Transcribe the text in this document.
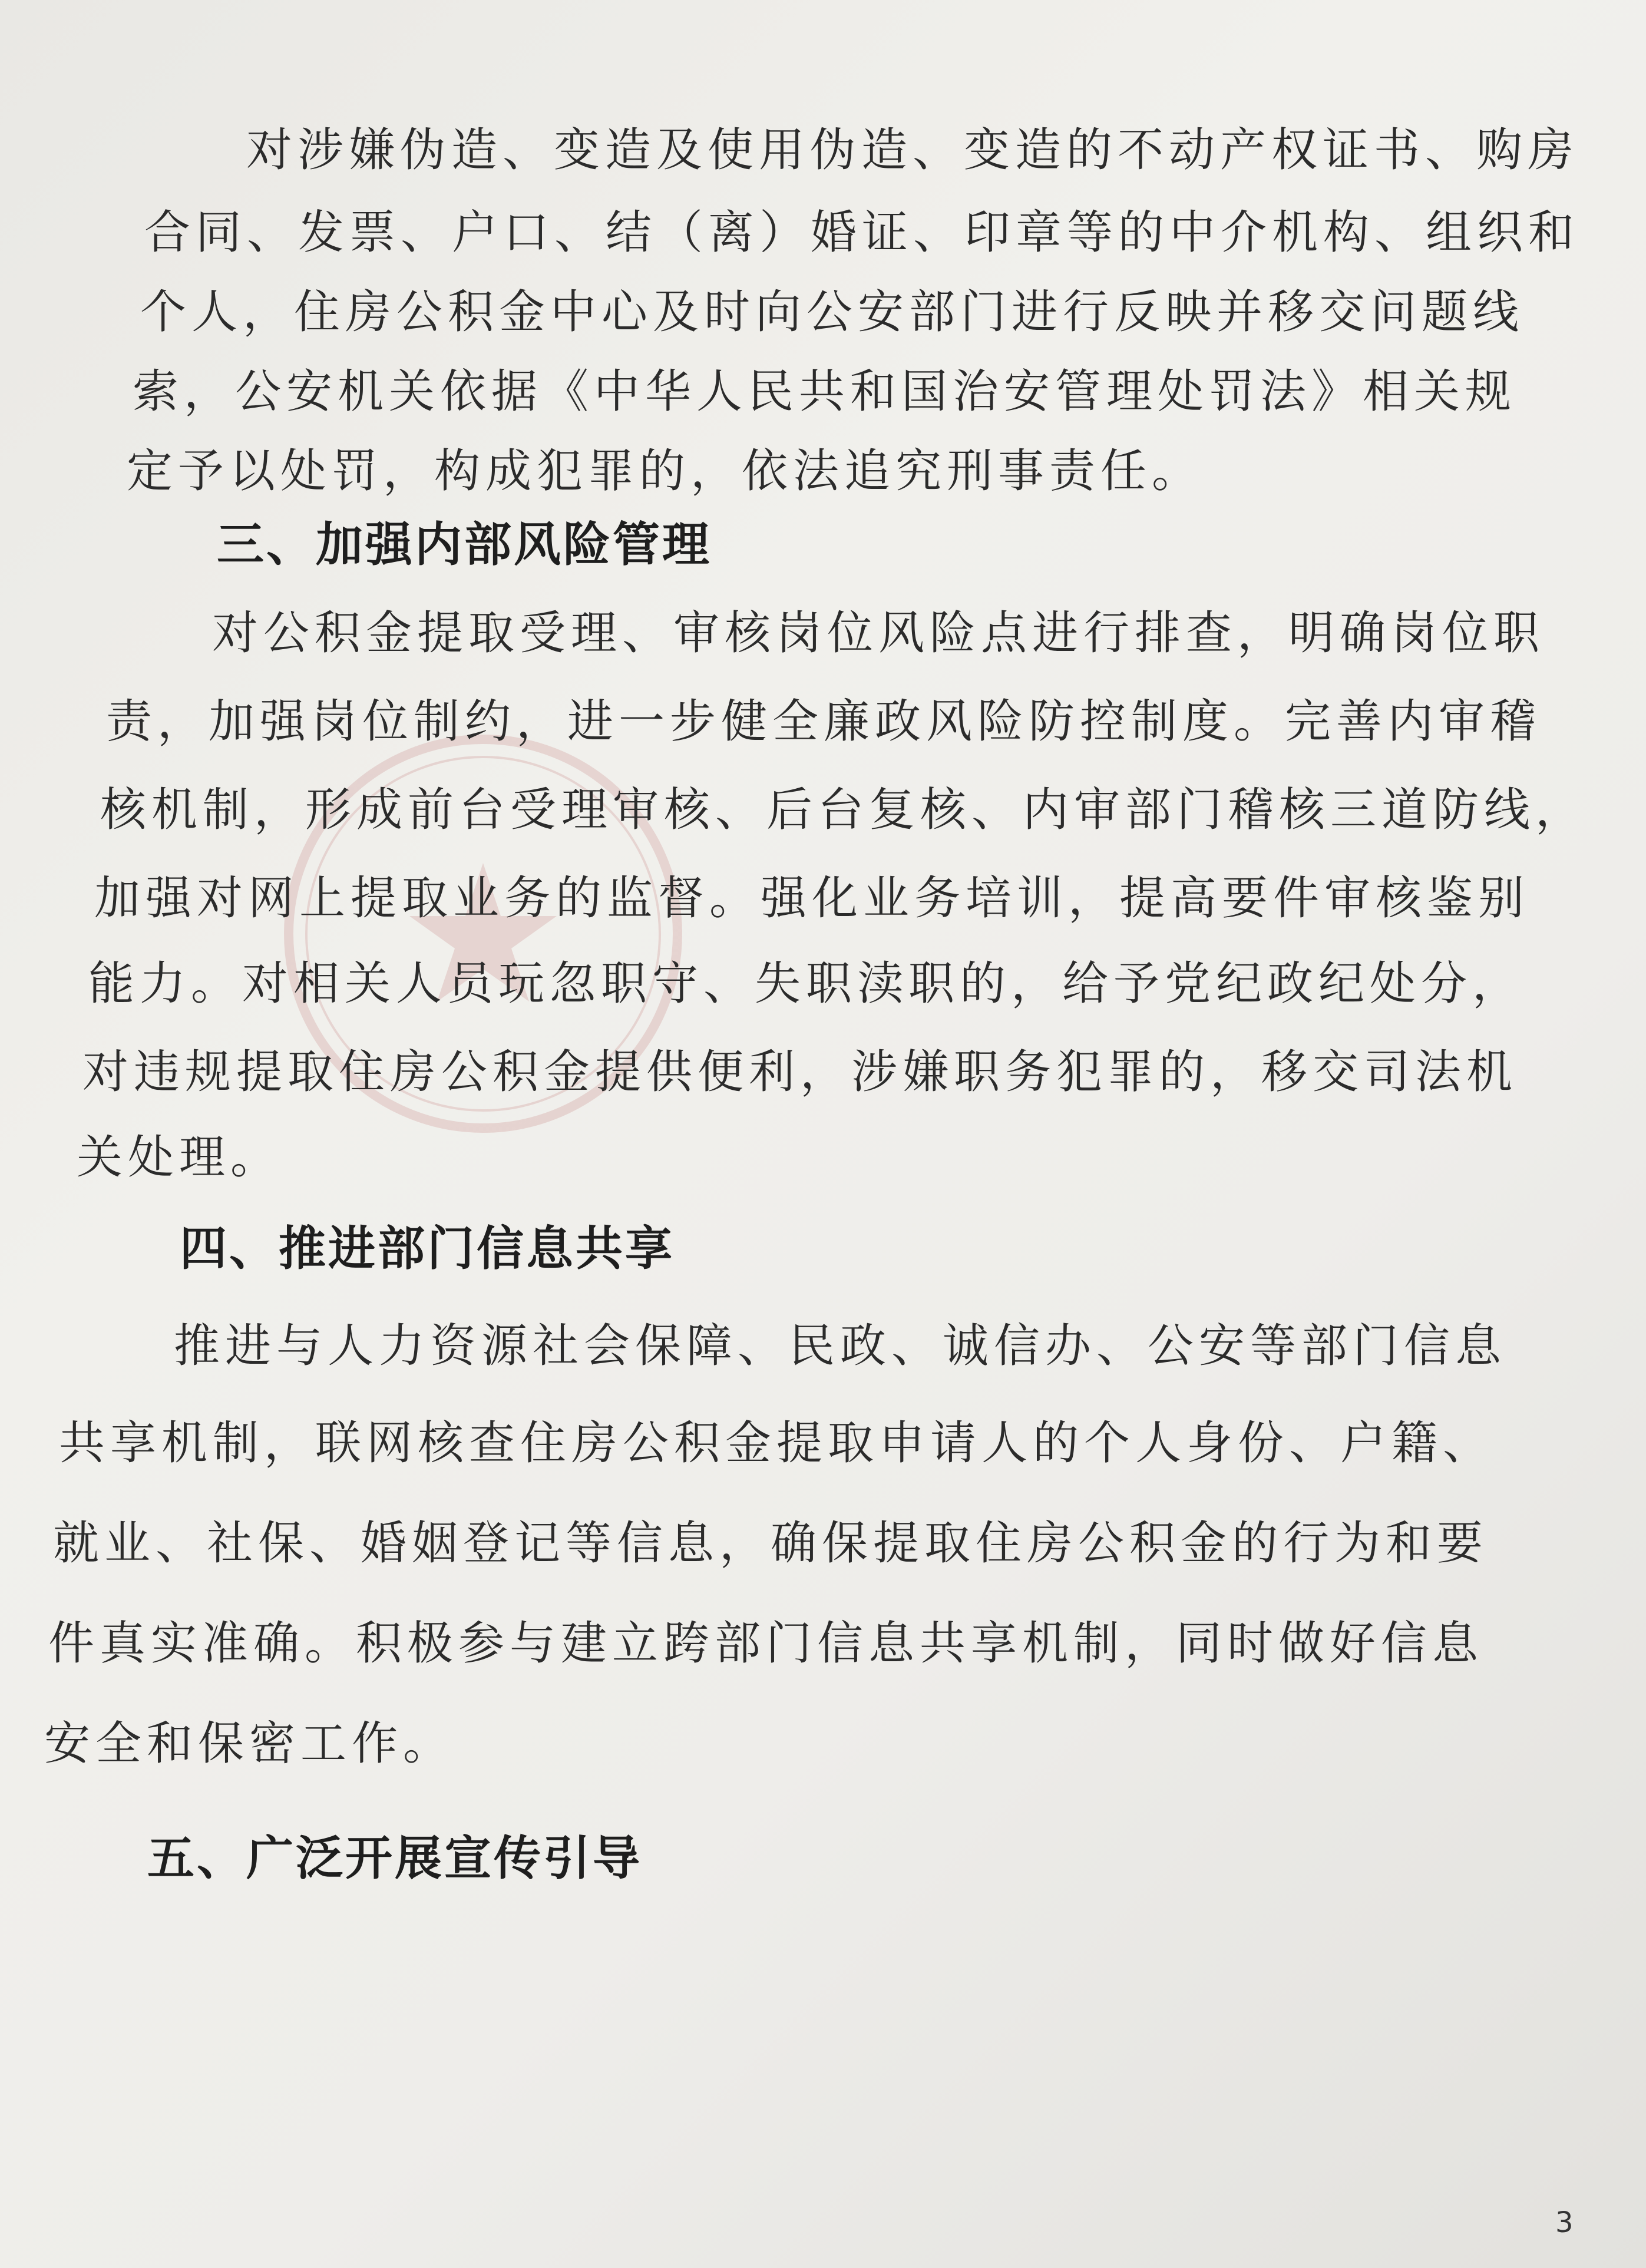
对涉嫌伪造、变造及使用伪造、变造的不动产权证书、购房
合同、发票、户口、结（离）婚证、印章等的中介机构、组织和
个人，住房公积金中心及时向公安部门进行反映并移交问题线
索，公安机关依据《中华人民共和国治安管理处罚法》相关规
定予以处罚，构成犯罪的，依法追究刑事责任。
三、加强内部风险管理
对公积金提取受理、审核岗位风险点进行排查，明确岗位职
责，加强岗位制约，进一步健全廉政风险防控制度。完善内审稽
核机制，形成前台受理审核、后台复核、内审部门稽核三道防线，
加强对网上提取业务的监督。强化业务培训，提高要件审核鉴别
能力。对相关人员玩忽职守、失职渎职的，给予党纪政纪处分，
对违规提取住房公积金提供便利，涉嫌职务犯罪的，移交司法机
关处理。
四、推进部门信息共享
推进与人力资源社会保障、民政、诚信办、公安等部门信息
共享机制，联网核查住房公积金提取申请人的个人身份、户籍、
就业、社保、婚姻登记等信息，确保提取住房公积金的行为和要
件真实准确。积极参与建立跨部门信息共享机制，同时做好信息
安全和保密工作。
五、广泛开展宣传引导
3
